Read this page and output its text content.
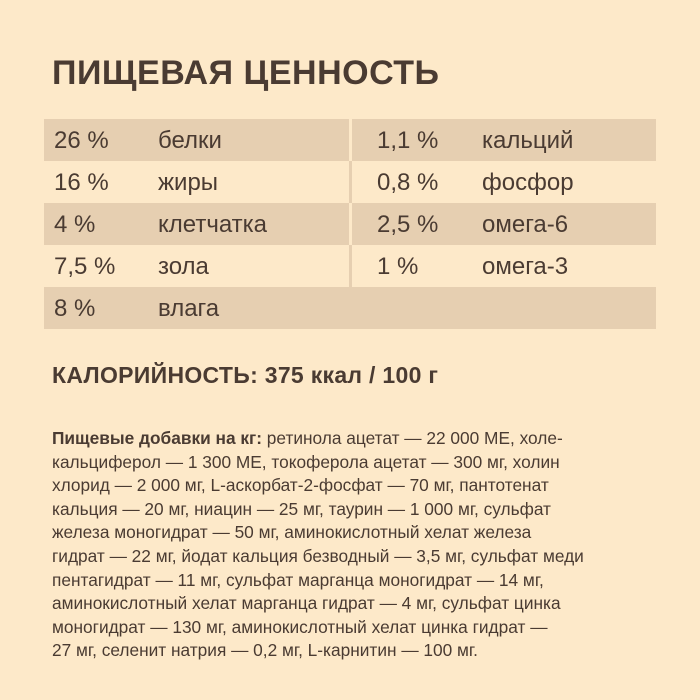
ПИЩЕВАЯ ЦЕННОСТЬ
26 % белки	1,1 % кальций
16 % жиры	0,8 % фосфор
4 %	клетчатка	2,5 % омега-6
7,5 % зола	1 %	омега-3
8 %	влага
КАЛОРИЙНОСТЬ: 375 ккал / 100 г
Пищевые добавки на кг: ретинола ацетат — 22 000 МЕ, холе-
кальциферол — 1 300 МЕ, токоферола ацетат — 300 мг, холин
хлорид — 2 000 мг, L-аскорбат-2-фосфат — 70 мг, пантотенат
кальция — 20 мг, ниацин — 25 мг, таурин — 1 000 мг, сульфат
железа моногидрат — 50 мг, аминокислотный хелат железа
гидрат — 22 мг, йодат кальция безводный — 3,5 мг, сульфат меди
пентагидрат — 11 мг, сульфат марганца моногидрат — 14 мг,
аминокислотный хелат марганца гидрат — 4 мг, сульфат цинка
моногидрат — 130 мг, аминокислотный хелат цинка гидрат —
27 мг, селенит натрия — 0,2 мг, L-карнитин — 100 мг.
